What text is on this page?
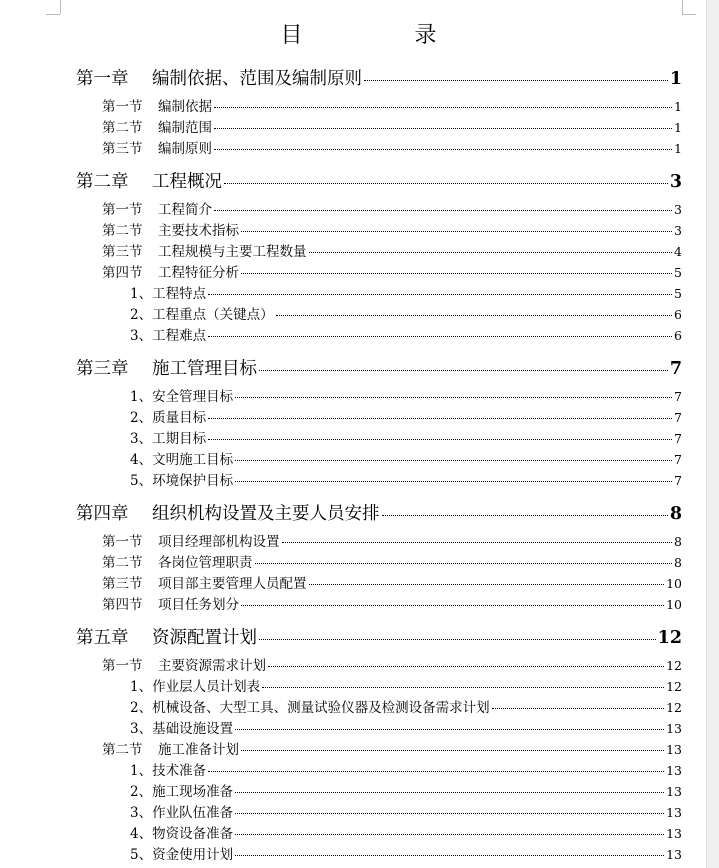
目	录
第一章	编制依据、范围及编制原则	1
第一节	编制依据	1
第二节	编制范围	1
第三节	编制原则	1
第二章	工程概况	3
第一节	工程简介	3
第二节	主要技术指标	3
第三节	工程规模与主要工程数量	4
第四节	工程特征分析	5
1、工程特点	5
2、工程重点（关键点）	6
3、工程难点	6
第三章	施工管理目标	7
1、安全管理目标	7
2、质量目标	7
3、工期目标	7
4、文明施工目标	7
5、环境保护目标	7
第四章	组织机构设置及主要人员安排	8
第一节	项目经理部机构设置	8
第二节	各岗位管理职责	8
第三节	项目部主要管理人员配置	10
第四节	项目任务划分	10
第五章	资源配置计划	12
第一节	主要资源需求计划	12
1、作业层人员计划表	12
2、机械设备、大型工具、测量试验仪器及检测设备需求计划	12
3、基础设施设置	13
第二节	施工准备计划	13
1、技术准备	13
2、施工现场准备	13
3、作业队伍准备	13
4、物资设备准备	13
5、资金使用计划	13
